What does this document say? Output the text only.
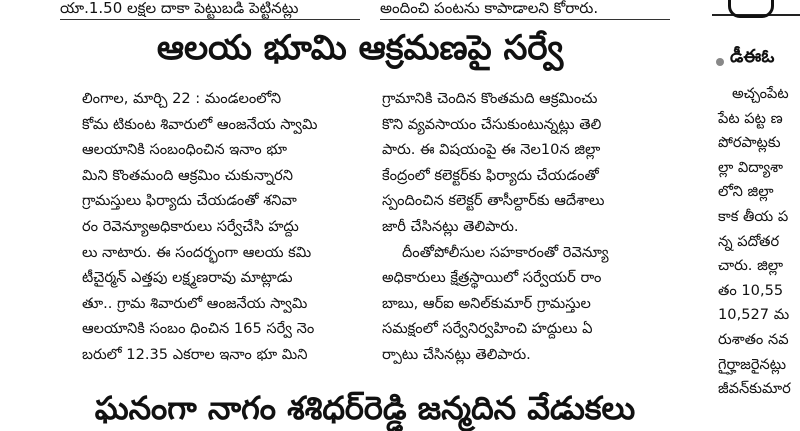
యా.1.50 లక్షల దాకా పెట్టుబడి పెట్టినట్లు	అందించి పంటను కాపాడాలని కోరారు.
ఆలయ భూమి ఆక్రమణపై సర్వే
లింగాల, మార్చి 22 : మండలంలోని
కోమ టికుంట శివారులో ఆంజనేయ స్వామి
ఆలయానికి సంబంధించిన ఇనాం భూ
మిని కొంతమంది ఆక్రమిం చుకున్నారని
గ్రామస్తులు ఫిర్యాదు చేయడంతో శనివా
రం రెవెన్యూఅధికారులు సర్వేచేసి హద్దు
లు నాటారు. ఈ సందర్భంగా ఆలయ కమి
టీచైర్మన్ ఎత్తపు లక్ష్మణరావు మాట్లాడు
తూ.. గ్రామ శివారులో ఆంజనేయ స్వామి
ఆలయానికి సంబం ధించిన 165 సర్వే నెం
బరులో 12.35 ఎకరాల ఇనాం భూ మిని
గ్రామానికి చెందిన కొంతమది ఆక్రమించు
కొని వ్యవసాయం చేసుకుంటున్నట్లు తెలి
పారు. ఈ విషయంపై ఈ నెల10న జిల్లా
కేంద్రంలో కలెక్టర్‌కు ఫిర్యాదు చేయడంతో
స్పందించిన కలెక్టర్ తాసీల్దార్‌కు ఆదేశాలు
జారీ చేసినట్లు తెలిపారు.
దీంతోపోలీసుల సహకారంతో రెవెన్యూ
అధికారులు క్షేత్రస్థాయిలో సర్వేయర్ రాం
బాబు, ఆర్ఐ అనిల్‌కుమార్ గ్రామస్తుల
సమక్షంలో సర్వేనిర్వహించి హద్దులు ఏ
ర్పాటు చేసినట్లు తెలిపారు.
ఘనంగా నాగం శశిధర్‌రెడ్డి జన్మదిన వేడుకలు
డీఈఓ
అచ్చంపేట
పేట పట్ట ణ
పోరపాట్లకు
ల్లా విద్యాశా
లోని జిల్లా
కాక తీయ ప
న్న పదోతర
చారు. జిల్లా
తం 10,55
10,527 మ
రుశాతం నవ
గైర్హాజరైనట్లు
జీవన్‌కుమార
